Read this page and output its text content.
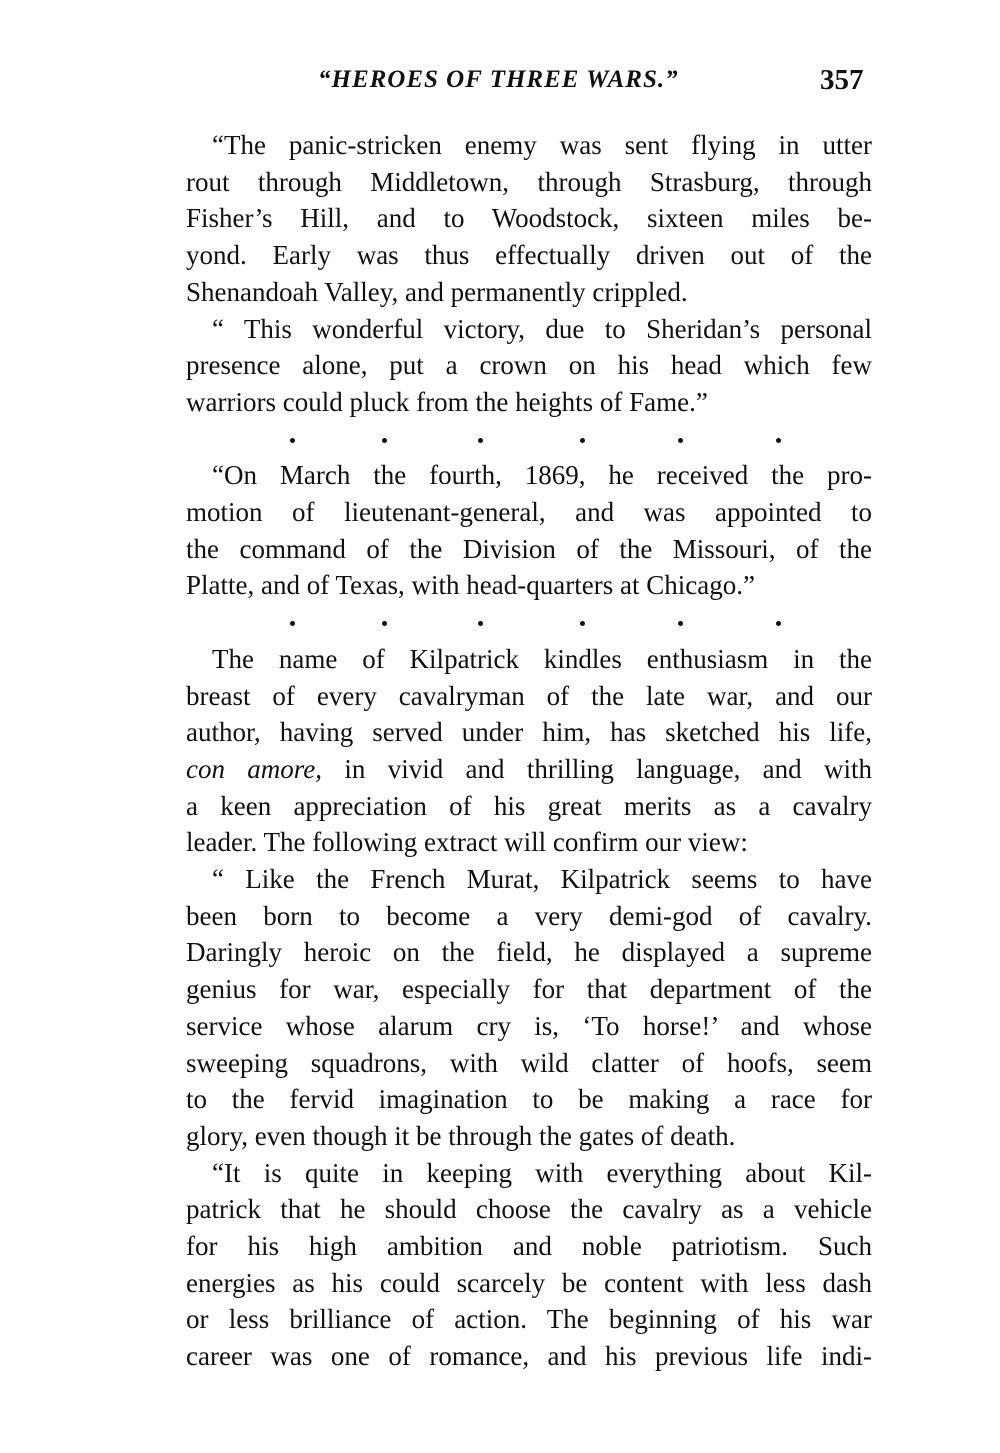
“HEROES OF THREE WARS.”	357
“The panic-stricken enemy was sent flying in utter
rout through Middletown, through Strasburg, through
Fisher’s Hill, and to Woodstock, sixteen miles be-
yond. Early was thus effectually driven out of the
Shenandoah Valley, and permanently crippled.
“ This wonderful victory, due to Sheridan’s personal
presence alone, put a crown on his head which few
warriors could pluck from the heights of Fame.”
“On March the fourth, 1869, he received the pro-
motion of lieutenant-general, and was appointed to
the command of the Division of the Missouri, of the
Platte, and of Texas, with head-quarters at Chicago.”
The name of Kilpatrick kindles enthusiasm in the
breast of every cavalryman of the late war, and our
author, having served under him, has sketched his life,
con amore, in vivid and thrilling language, and with
a keen appreciation of his great merits as a cavalry
leader. The following extract will confirm our view:
“ Like the French Murat, Kilpatrick seems to have
been born to become a very demi-god of cavalry.
Daringly heroic on the field, he displayed a supreme
genius for war, especially for that department of the
service whose alarum cry is, ‘To horse!’ and whose
sweeping squadrons, with wild clatter of hoofs, seem
to the fervid imagination to be making a race for
glory, even though it be through the gates of death.
“It is quite in keeping with everything about Kil-
patrick that he should choose the cavalry as a vehicle
for his high ambition and noble patriotism. Such
energies as his could scarcely be content with less dash
or less brilliance of action. The beginning of his war
career was one of romance, and his previous life indi-
